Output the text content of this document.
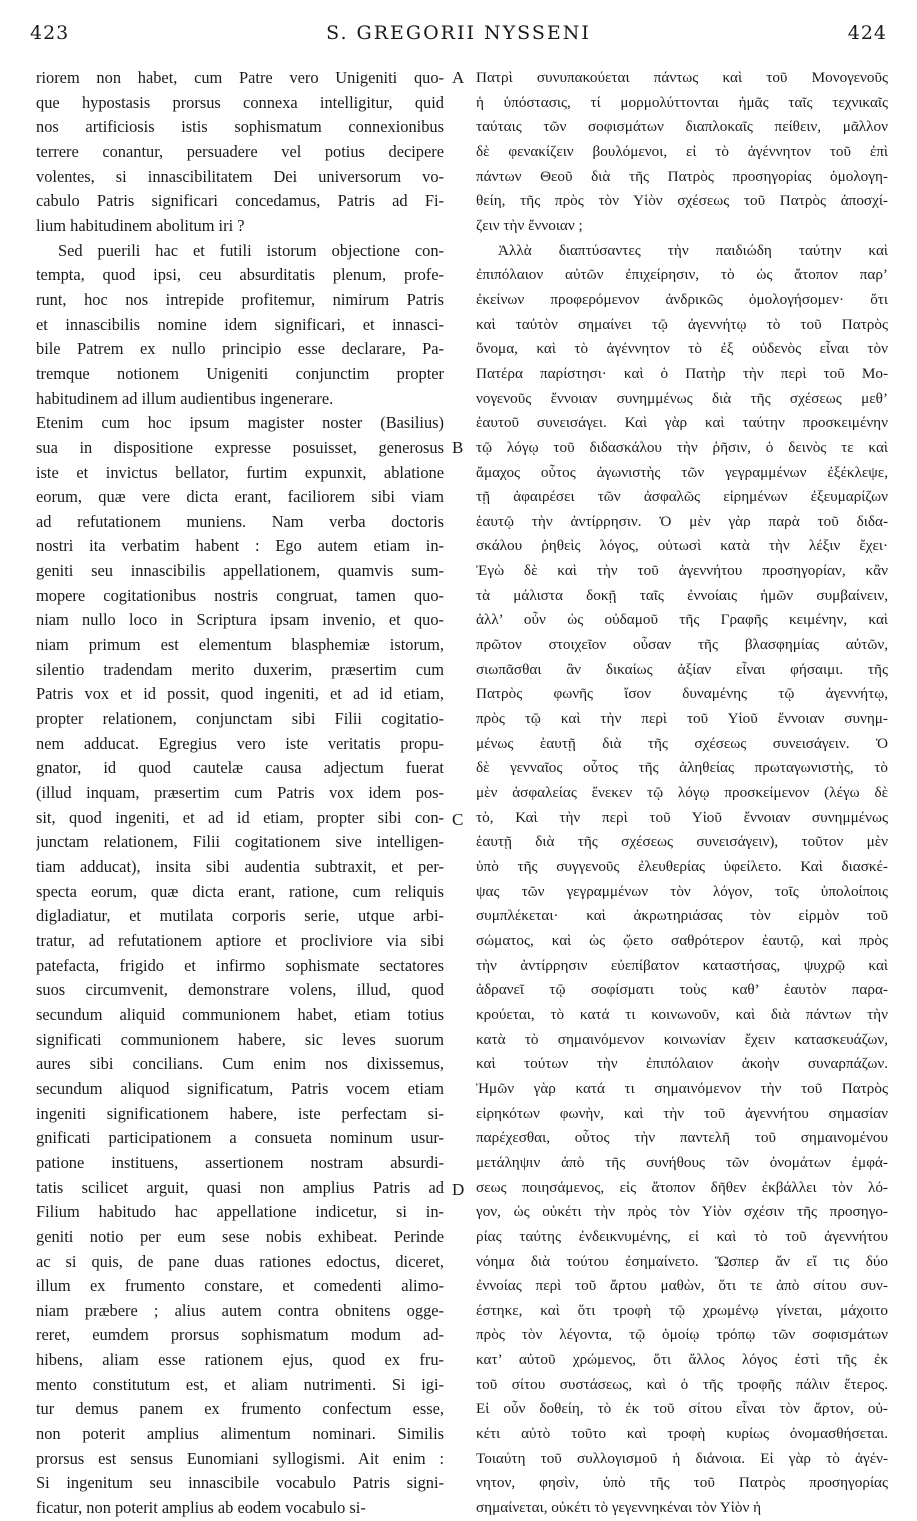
423	S. GREGORII NYSSENI	424
riorem non habet, cum Patre vero Unigeniti quo-
que hypostasis prorsus connexa intelligitur, quid
nos artificiosis istis sophismatum connexionibus
terrere conantur, persuadere vel potius decipere
volentes, si innascibilitatem Dei universorum vo-
cabulo Patris significari concedamus, Patris ad Fi-
lium habitudinem abolitum iri ?
Sed puerili hac et futili istorum objectione con-
tempta, quod ipsi, ceu absurditatis plenum, profe-
runt, hoc nos intrepide profitemur, nimirum Patris
et innascibilis nomine idem significari, et innasci-
bile Patrem ex nullo principio esse declarare, Pa-
tremque notionem Unigeniti conjunctim propter
habitudinem ad illum audientibus ingenerare.
Etenim cum hoc ipsum magister noster (Basilius)
sua in dispositione expresse posuisset, generosus
iste et invictus bellator, furtim expunxit, ablatione
eorum, quæ vere dicta erant, faciliorem sibi viam
ad refutationem muniens. Nam verba doctoris
nostri ita verbatim habent : Ego autem etiam in-
geniti seu innascibilis appellationem, quamvis sum-
mopere cogitationibus nostris congruat, tamen quo-
niam nullo loco in Scriptura ipsam invenio, et quo-
niam primum est elementum blasphemiæ istorum,
silentio tradendam merito duxerim, præsertim cum
Patris vox et id possit, quod ingeniti, et ad id etiam,
propter relationem, conjunctam sibi Filii cogitatio-
nem adducat. Egregius vero iste veritatis propu-
gnator, id quod cautelæ causa adjectum fuerat
(illud inquam, præsertim cum Patris vox idem pos-
sit, quod ingeniti, et ad id etiam, propter sibi con-
junctam relationem, Filii cogitationem sive intelligen-
tiam adducat), insita sibi audentia subtraxit, et per-
specta eorum, quæ dicta erant, ratione, cum reliquis
digladiatur, et mutilata corporis serie, utque arbi-
tratur, ad refutationem aptiore et procliviore via sibi
patefacta, frigido et infirmo sophismate sectatores
suos circumvenit, demonstrare volens, illud, quod
secundum aliquid communionem habet, etiam totius
significati communionem habere, sic leves suorum
aures sibi concilians. Cum enim nos dixissemus,
secundum aliquod significatum, Patris vocem etiam
ingeniti significationem habere, iste perfectam si-
gnificati participationem a consueta nominum usur-
patione instituens, assertionem nostram absurdi-
tatis scilicet arguit, quasi non amplius Patris ad
Filium habitudo hac appellatione indicetur, si in-
geniti notio per eum sese nobis exhibeat. Perinde
ac si quis, de pane duas rationes edoctus, diceret,
illum ex frumento constare, et comedenti alimo-
niam præbere ; alius autem contra obnitens ogge-
reret, eumdem prorsus sophismatum modum ad-
hibens, aliam esse rationem ejus, quod ex fru-
mento constitutum est, et aliam nutrimenti. Si igi-
tur demus panem ex frumento confectum esse,
non poterit amplius alimentum nominari. Similis
prorsus est sensus Eunomiani syllogismi. Ait enim :
Si ingenitum seu innascibile vocabulo Patris signi-
ficatur, non poterit amplius ab eodem vocabulo si-
Πατρὶ συνυπακούεται πάντως καὶ τοῦ Μονογενοῦς
ἡ ὑπόστασις, τί μορμολύττονται ἡμᾶς ταῖς τεχνικαῖς
ταύταις τῶν σοφισμάτων διαπλοκαῖς πείθειν, μᾶλλον
δὲ φενακίζειν βουλόμενοι, εἰ τὸ ἀγέννητον τοῦ ἐπὶ
πάντων Θεοῦ διὰ τῆς Πατρὸς προσηγορίας ὁμολογη-
θείη, τῆς πρὸς τὸν Υἱὸν σχέσεως τοῦ Πατρὸς ἀποσχί-
ζειν τὴν ἔννοιαν ;
Ἀλλὰ διαπτύσαντες τὴν παιδιώδη ταύτην καὶ
ἐπιπόλαιον αὐτῶν ἐπιχείρησιν, τὸ ὡς ἄτοπον παρ’
ἐκείνων προφερόμενον ἀνδρικῶς ὁμολογήσομεν· ὅτι
καὶ ταὐτὸν σημαίνει τῷ ἀγεννήτῳ τὸ τοῦ Πατρὸς
ὄνομα, καὶ τὸ ἀγέννητον τὸ ἐξ οὐδενὸς εἶναι τὸν
Πατέρα παρίστησι· καὶ ὁ Πατὴρ τὴν περὶ τοῦ Μο-
νογενοῦς ἔννοιαν συνημμένως διὰ τῆς σχέσεως μεθ’
ἑαυτοῦ συνεισάγει. Καὶ γὰρ καὶ ταύτην προσκειμένην
τῷ λόγῳ τοῦ διδασκάλου τὴν ῥῆσιν, ὁ δεινὸς τε καὶ
ἄμαχος οὗτος ἀγωνιστὴς τῶν γεγραμμένων ἐξέκλεψε,
τῇ ἀφαιρέσει τῶν ἀσφαλῶς εἰρημένων ἐξευμαρίζων
ἑαυτῷ τὴν ἀντίρρησιν. Ὁ μὲν γὰρ παρὰ τοῦ διδα-
σκάλου ῥηθεὶς λόγος, οὑτωσὶ κατὰ τὴν λέξιν ἔχει·
Ἐγὼ δὲ καὶ τὴν τοῦ ἀγεννήτου προσηγορίαν, κἂν
τὰ μάλιστα δοκῇ ταῖς ἐννοίαις ἡμῶν συμβαίνειν,
ἀλλ’ οὖν ὡς οὐδαμοῦ τῆς Γραφῆς κειμένην, καὶ
πρῶτον στοιχεῖον οὖσαν τῆς βλασφημίας αὐτῶν,
σιωπᾶσθαι ἂν δικαίως ἀξίαν εἶναι φήσαιμι. τῆς
Πατρὸς φωνῆς ἴσον δυναμένης τῷ ἀγεννήτῳ,
πρὸς τῷ καὶ τὴν περὶ τοῦ Υἱοῦ ἔννοιαν συνημ-
μένως ἑαυτῇ διὰ τῆς σχέσεως συνεισάγειν. Ὁ
δὲ γενναῖος οὗτος τῆς ἀληθείας πρωταγωνιστὴς, τὸ
μὲν ἀσφαλείας ἕνεκεν τῷ λόγῳ προσκείμενον (λέγω δὲ
τὸ, Καὶ τὴν περὶ τοῦ Υἱοῦ ἔννοιαν συνημμένως
ἑαυτῇ διὰ τῆς σχέσεως συνεισάγειν), τοῦτον μὲν
ὑπὸ τῆς συγγενοῦς ἐλευθερίας ὑφείλετο. Καὶ διασκέ-
ψας τῶν γεγραμμένων τὸν λόγον, τοῖς ὑπολοίποις
συμπλέκεται· καὶ ἀκρωτηριάσας τὸν εἱρμὸν τοῦ
σώματος, καὶ ὡς ᾤετο σαθρότερον ἑαυτῷ, καὶ πρὸς
τὴν ἀντίρρησιν εὐεπίβατον καταστήσας, ψυχρῷ καὶ
ἀδρανεῖ τῷ σοφίσματι τοὺς καθ’ ἑαυτὸν παρα-
κρούεται, τὸ κατά τι κοινωνοῦν, καὶ διὰ πάντων τὴν
κατὰ τὸ σημαινόμενον κοινωνίαν ἔχειν κατασκευάζων,
καὶ τούτων τὴν ἐπιπόλαιον ἀκοὴν συναρπάζων.
Ἡμῶν γὰρ κατά τι σημαινόμενον τὴν τοῦ Πατρὸς
εἰρηκότων φωνὴν, καὶ τὴν τοῦ ἀγεννήτου σημασίαν
παρέχεσθαι, οὗτος τὴν παντελῆ τοῦ σημαινομένου
μετάληψιν ἀπὸ τῆς συνήθους τῶν ὀνομάτων ἐμφά-
σεως ποιησάμενος, εἰς ἄτοπον δῆθεν ἐκβάλλει τὸν λό-
γον, ὡς οὐκέτι τὴν πρὸς τὸν Υἱὸν σχέσιν τῆς προσηγο-
ρίας ταύτης ἐνδεικνυμένης, εἰ καὶ τὸ τοῦ ἀγεννήτου
νόημα διὰ τούτου ἐσημαίνετο. Ὥσπερ ἄν εἴ τις δύο
ἐννοίας περὶ τοῦ ἄρτου μαθὼν, ὅτι τε ἀπὸ σίτου συν-
έστηκε, καὶ ὅτι τροφὴ τῷ χρωμένῳ γίνεται, μάχοιτο
πρὸς τὸν λέγοντα, τῷ ὁμοίῳ τρόπῳ τῶν σοφισμάτων
κατ’ αὐτοῦ χρώμενος, ὅτι ἄλλος λόγος ἐστὶ τῆς ἐκ
τοῦ σίτου συστάσεως, καὶ ὁ τῆς τροφῆς πάλιν ἕτερος.
Εἰ οὖν δοθείη, τὸ ἐκ τοῦ σίτου εἶναι τὸν ἄρτον, οὐ-
κέτι αὐτὸ τοῦτο καὶ τροφὴ κυρίως ὀνομασθήσεται.
Τοιαύτη τοῦ συλλογισμοῦ ἡ διάνοια. Εἰ γὰρ τὸ ἀγέν-
νητον, φησὶν, ὑπὸ τῆς τοῦ Πατρὸς προσηγορίας
σημαίνεται, οὐκέτι τὸ γεγεννηκέναι τὸν Υἱὸν ἡ
A
B
C
D
